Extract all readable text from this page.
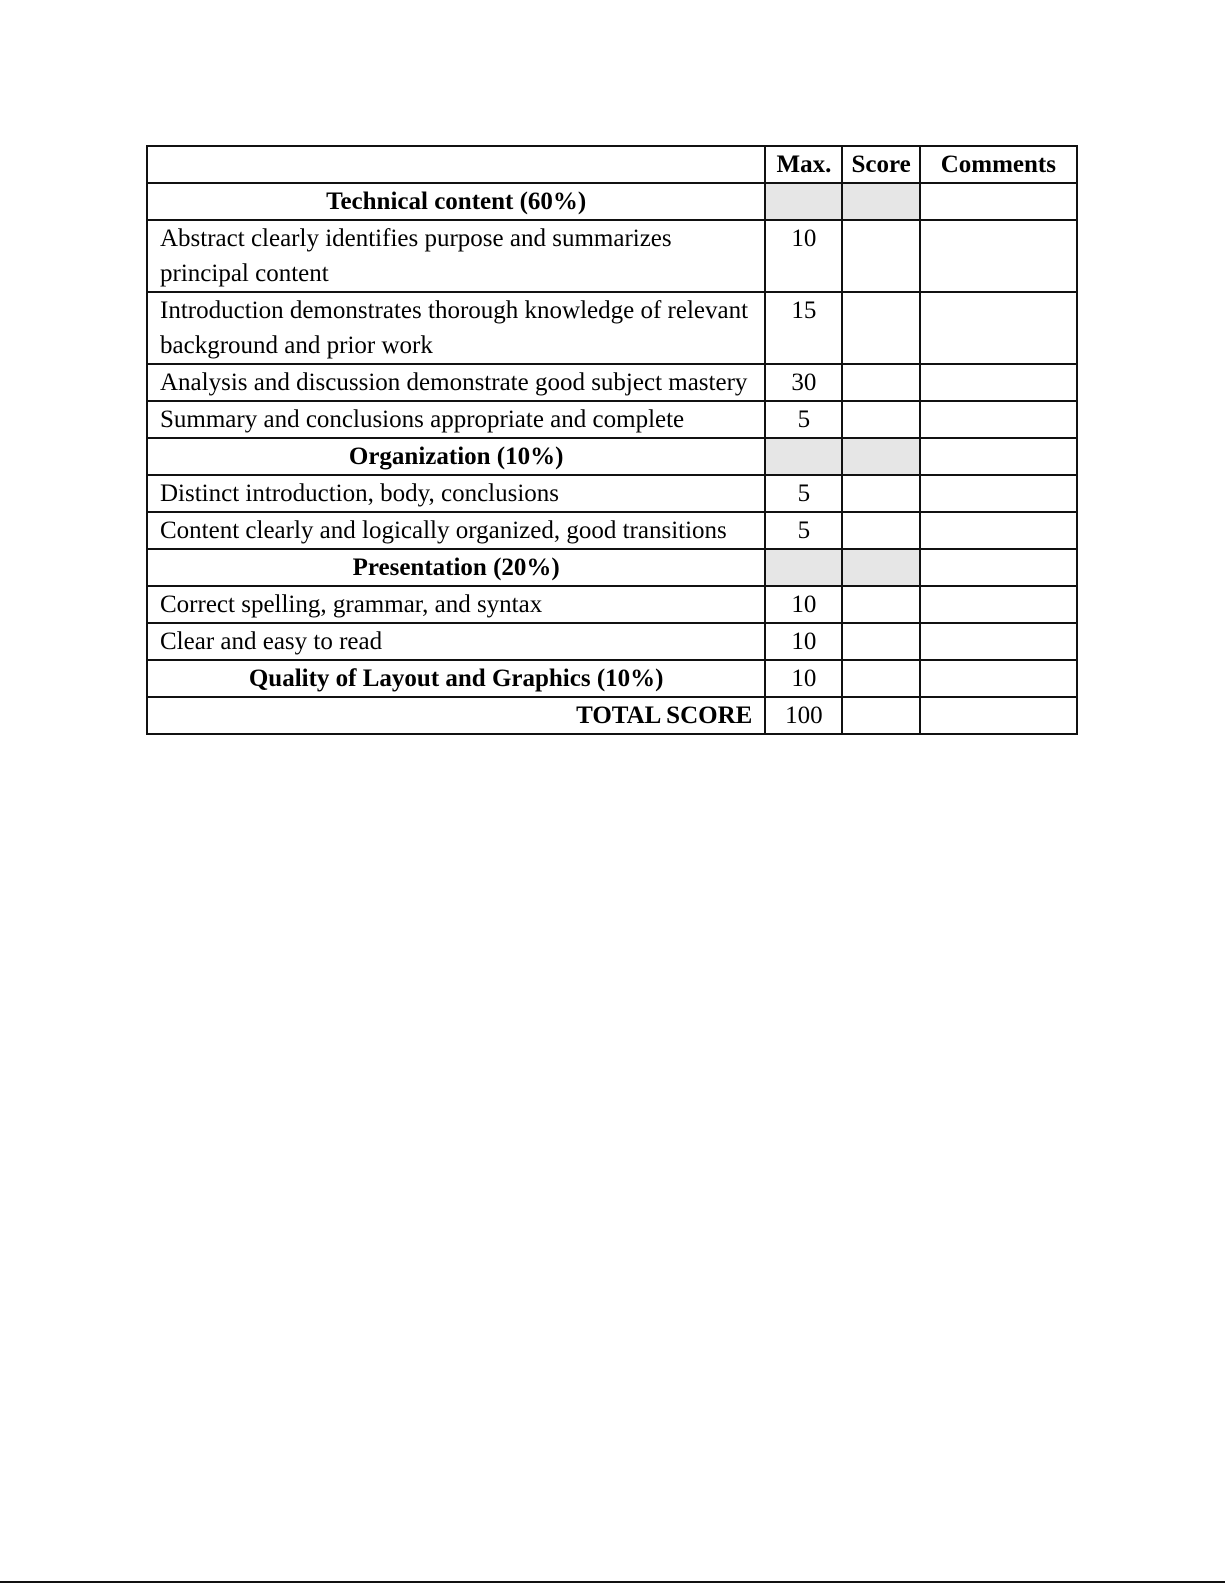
	Max.	Score	Comments
Technical content (60%)			
Abstract clearly identifies purpose and summarizes principal content	10		
Introduction demonstrates thorough knowledge of relevant background and prior work	15		
Analysis and discussion demonstrate good subject mastery	30		
Summary and conclusions appropriate and complete	5		
Organization (10%)			
Distinct introduction, body, conclusions	5		
Content clearly and logically organized, good transitions	5		
Presentation (20%)			
Correct spelling, grammar, and syntax	10		
Clear and easy to read	10		
Quality of Layout and Graphics (10%)	10		
TOTAL SCORE	100		
